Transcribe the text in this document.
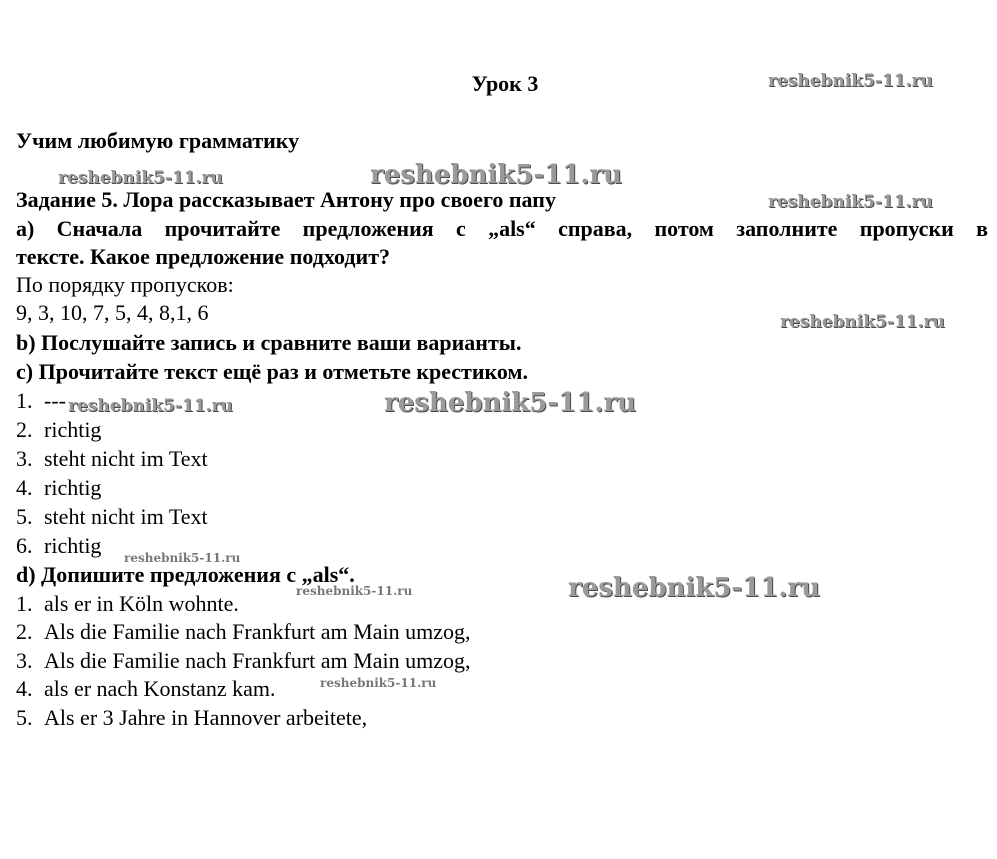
Урок 3
Учим любимую грамматику
Задание 5. Лора рассказывает Антону про своего папу
а) Сначала прочитайте предложения с „als“ справа, потом заполните пропуски в
тексте. Какое предложение подходит?
По порядку пропусков:
9, 3, 10, 7, 5, 4, 8,1, 6
b) Послушайте запись и сравните ваши варианты.
c) Прочитайте текст ещё раз и отметьте крестиком.
1. ---
2. richtig
3. steht nicht im Text
4. richtig
5. steht nicht im Text
6. richtig
d) Допишите предложения с „als“.
1. als er in Köln wohnte.
2. Als die Familie nach Frankfurt am Main umzog,
3. Als die Familie nach Frankfurt am Main umzog,
4. als er nach Konstanz kam.
5. Als er 3 Jahre in Hannover arbeitete,
reshebnik5-11.ru
reshebnik5-11.ru	reshebnik5-11.ru
reshebnik5-11.ru
reshebnik5-11.ru
reshebnik5-11.ru	reshebnik5-11.ru
reshebnik5-11.ru
reshebnik5-11.ru
reshebnik5-11.ru
reshebnik5-11.ru
